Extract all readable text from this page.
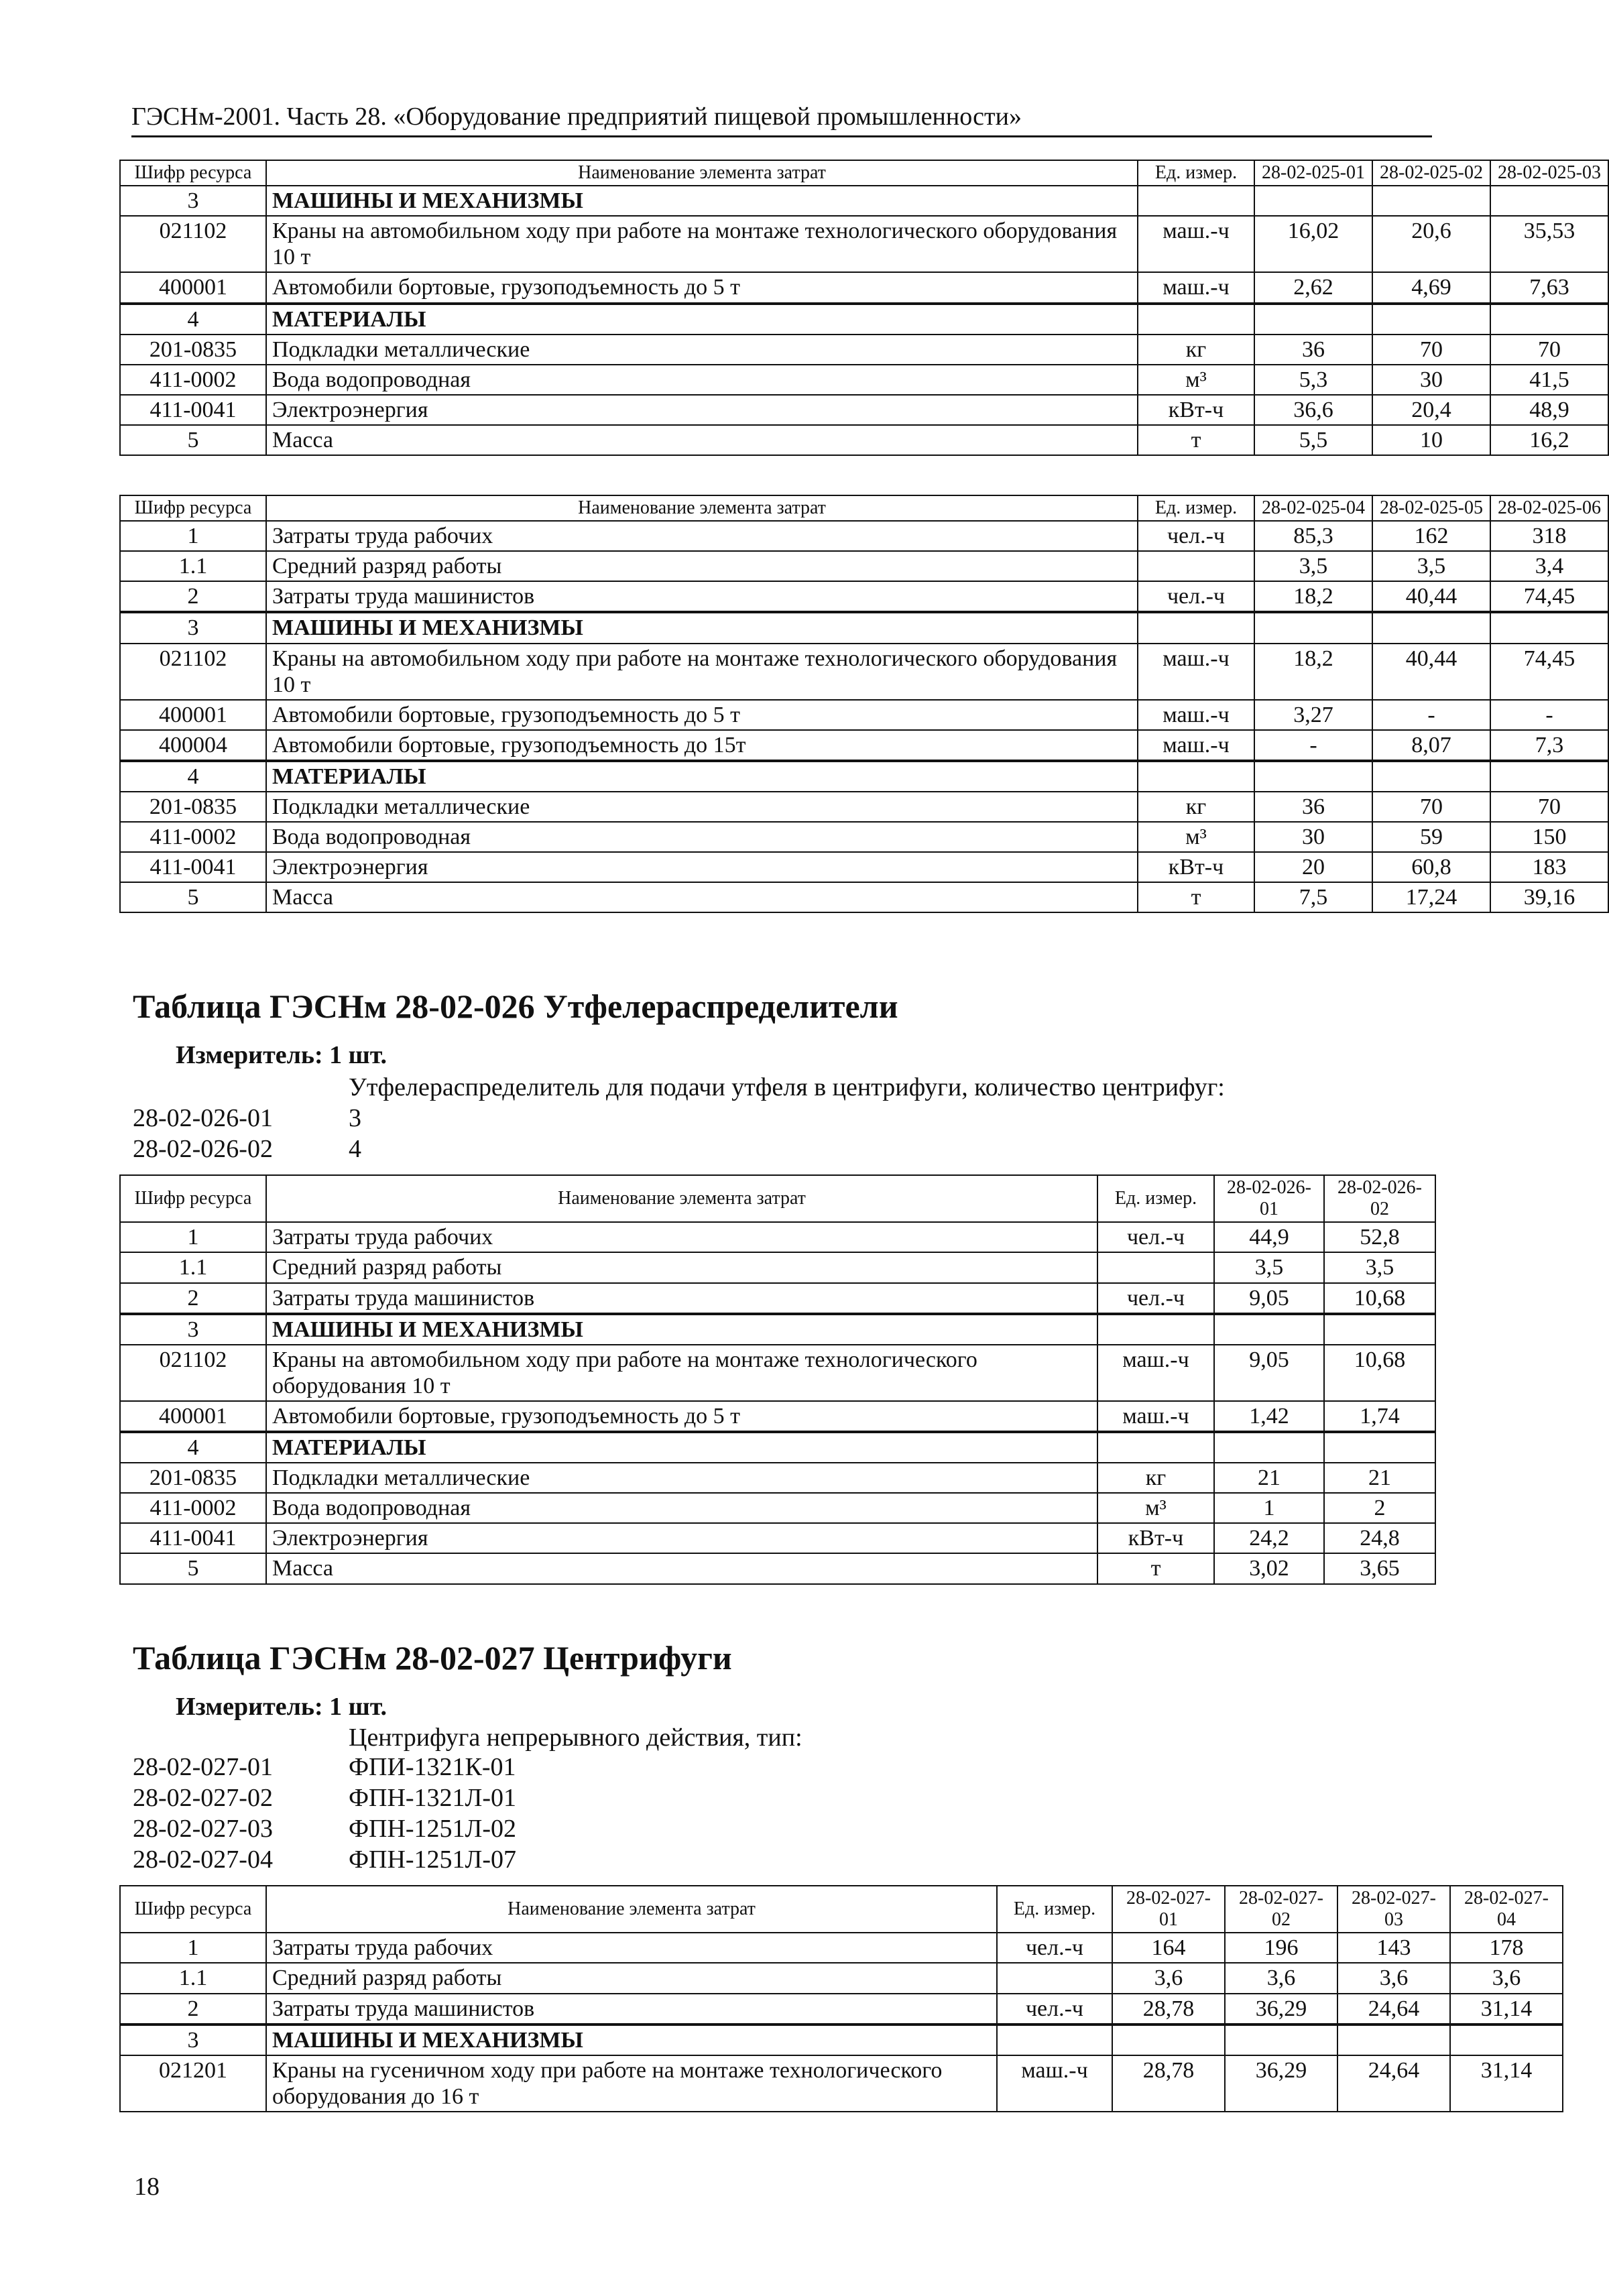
ГЭСНм-2001. Часть 28. «Оборудование предприятий пищевой промышленности»
Шифр ресурса	Наименование элемента затрат	Ед. измер.	28-02-025-01	28-02-025-02	28-02-025-03
3	МАШИНЫ И МЕХАНИЗМЫ				
021102	Краны на автомобильном ходу при работе на монтаже технологического оборудования 10 т	маш.-ч	16,02	20,6	35,53
400001	Автомобили бортовые, грузоподъемность до 5 т	маш.-ч	2,62	4,69	7,63
4	МАТЕРИАЛЫ				
201-0835	Подкладки металлические	кг	36	70	70
411-0002	Вода водопроводная	м³	5,3	30	41,5
411-0041	Электроэнергия	кВт-ч	36,6	20,4	48,9
5	Масса	т	5,5	10	16,2
Шифр ресурса	Наименование элемента затрат	Ед. измер.	28-02-025-04	28-02-025-05	28-02-025-06
1	Затраты труда рабочих	чел.-ч	85,3	162	318
1.1	Средний разряд работы		3,5	3,5	3,4
2	Затраты труда машинистов	чел.-ч	18,2	40,44	74,45
3	МАШИНЫ И МЕХАНИЗМЫ				
021102	Краны на автомобильном ходу при работе на монтаже технологического оборудования 10 т	маш.-ч	18,2	40,44	74,45
400001	Автомобили бортовые, грузоподъемность до 5 т	маш.-ч	3,27	-	-
400004	Автомобили бортовые, грузоподъемность до 15т	маш.-ч	-	8,07	7,3
4	МАТЕРИАЛЫ				
201-0835	Подкладки металлические	кг	36	70	70
411-0002	Вода водопроводная	м³	30	59	150
411-0041	Электроэнергия	кВт-ч	20	60,8	183
5	Масса	т	7,5	17,24	39,16
Таблица ГЭСНм 28-02-026 Утфелераспределители
Измеритель: 1 шт.
Утфелераспределитель для подачи утфеля в центрифуги, количество центрифуг:
28-02-026-01	3
28-02-026-02	4
Шифр ресурса	Наименование элемента затрат	Ед. измер.	28-02-026-01	28-02-026-02
1	Затраты труда рабочих	чел.-ч	44,9	52,8
1.1	Средний разряд работы		3,5	3,5
2	Затраты труда машинистов	чел.-ч	9,05	10,68
3	МАШИНЫ И МЕХАНИЗМЫ			
021102	Краны на автомобильном ходу при работе на монтаже технологического оборудования 10 т	маш.-ч	9,05	10,68
400001	Автомобили бортовые, грузоподъемность до 5 т	маш.-ч	1,42	1,74
4	МАТЕРИАЛЫ			
201-0835	Подкладки металлические	кг	21	21
411-0002	Вода водопроводная	м³	1	2
411-0041	Электроэнергия	кВт-ч	24,2	24,8
5	Масса	т	3,02	3,65
Таблица ГЭСНм 28-02-027 Центрифуги
Измеритель: 1 шт.
Центрифуга непрерывного действия, тип:
28-02-027-01	ФПИ-1321К-01
28-02-027-02	ФПН-1321Л-01
28-02-027-03	ФПН-1251Л-02
28-02-027-04	ФПН-1251Л-07
Шифр ресурса	Наименование элемента затрат	Ед. измер.	28-02-027-01	28-02-027-02	28-02-027-03	28-02-027-04
1	Затраты труда рабочих	чел.-ч	164	196	143	178
1.1	Средний разряд работы		3,6	3,6	3,6	3,6
2	Затраты труда машинистов	чел.-ч	28,78	36,29	24,64	31,14
3	МАШИНЫ И МЕХАНИЗМЫ					
021201	Краны на гусеничном ходу при работе на монтаже технологического оборудования до 16 т	маш.-ч	28,78	36,29	24,64	31,14
18
